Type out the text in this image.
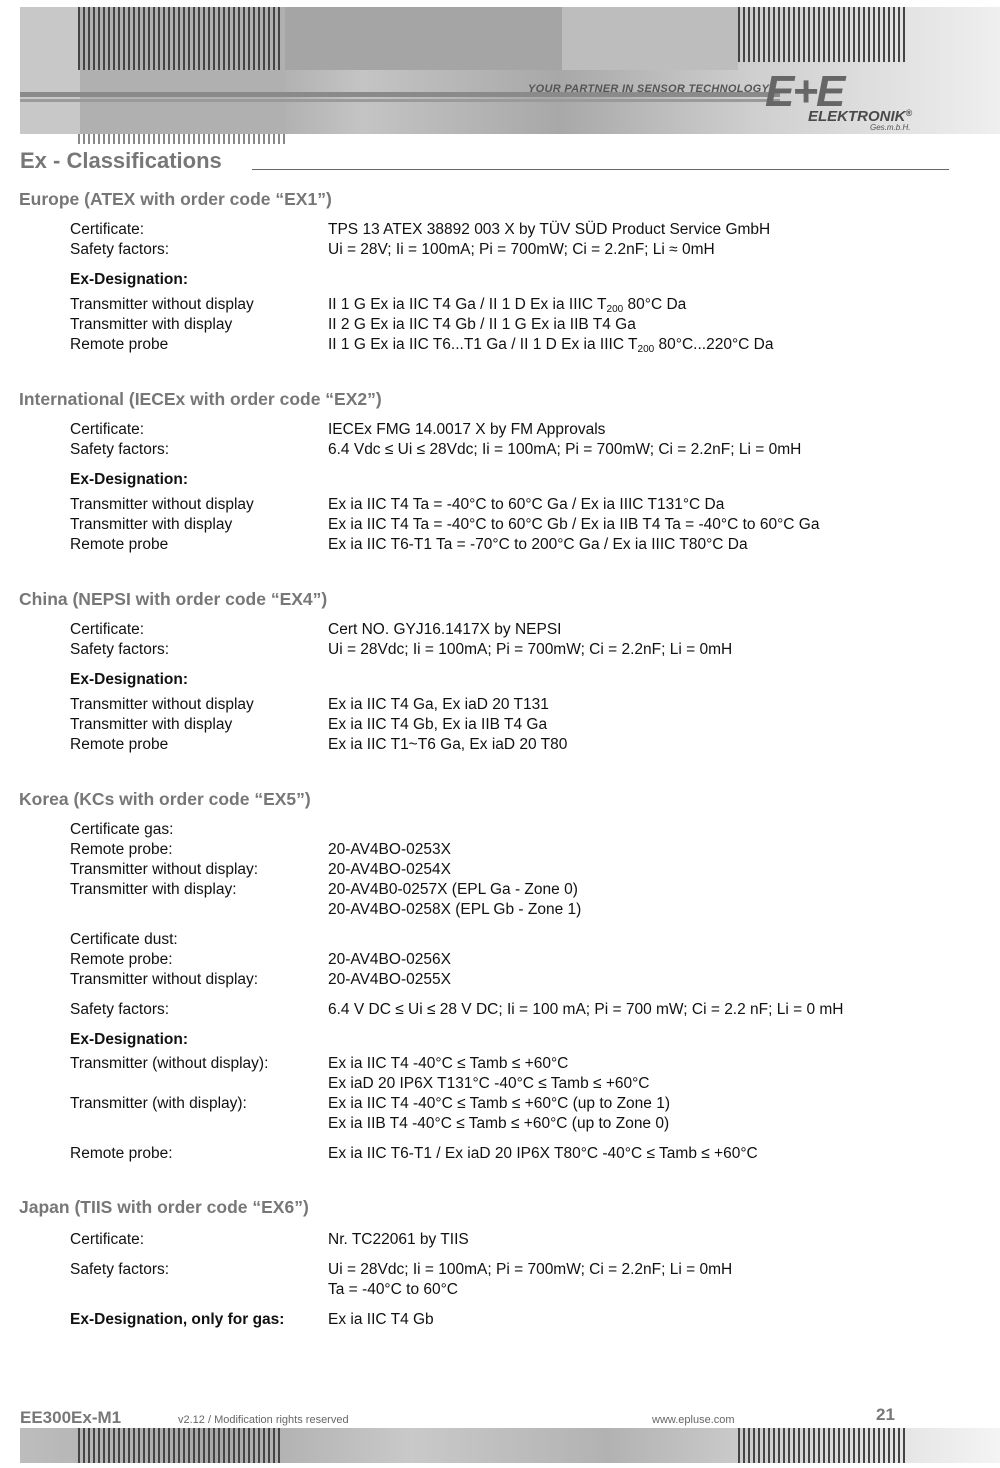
YOUR PARTNER IN SENSOR TECHNOLOGY
E+E
ELEKTRONIK®
Ges.m.b.H.
Ex - Classifications
Europe (ATEX with order code “EX1”)
Certificate:	TPS 13 ATEX 38892 003 X by TÜV SÜD Product Service GmbH
Safety factors:	Ui = 28V; Ii = 100mA; Pi = 700mW; Ci = 2.2nF; Li ≈ 0mH
Ex-Designation:
Transmitter without display	II 1 G Ex ia IIC T4 Ga / II 1 D Ex ia IIIC $T_{200}$ 80°C Da
Transmitter with display	II 2 G Ex ia IIC T4 Gb / II 1 G Ex ia IIB T4 Ga
Remote probe	II 1 G Ex ia IIC T6...T1 Ga / II 1 D Ex ia IIIC $T_{200}$ 80°C...220°C Da
International (IECEx with order code “EX2”)
Certificate:	IECEx FMG 14.0017 X by FM Approvals
Safety factors:	6.4 Vdc ≤ Ui ≤ 28Vdc; Ii = 100mA; Pi = 700mW; Ci = 2.2nF; Li = 0mH
Ex-Designation:
Transmitter without display	Ex ia IIC T4 Ta = -40°C to 60°C Ga / Ex ia IIIC T131°C Da
Transmitter with display	Ex ia IIC T4 Ta = -40°C to 60°C Gb / Ex ia IIB T4 Ta = -40°C to 60°C Ga
Remote probe	Ex ia IIC T6-T1 Ta = -70°C to 200°C Ga / Ex ia IIIC T80°C Da
China (NEPSI with order code “EX4”)
Certificate:	Cert NO. GYJ16.1417X by NEPSI
Safety factors:	Ui = 28Vdc; Ii = 100mA; Pi = 700mW; Ci = 2.2nF; Li = 0mH
Ex-Designation:
Transmitter without display	Ex ia IIC T4 Ga, Ex iaD 20 T131
Transmitter with display	Ex ia IIC T4 Gb, Ex ia IIB T4 Ga
Remote probe	Ex ia IIC T1~T6 Ga, Ex iaD 20 T80
Korea (KCs with order code “EX5”)
Certificate gas:
Remote probe:	20-AV4BO-0253X
Transmitter without display:	20-AV4BO-0254X
Transmitter with display:	20-AV4B0-0257X (EPL Ga - Zone 0)
20-AV4BO-0258X (EPL Gb - Zone 1)
Certificate dust:
Remote probe:	20-AV4BO-0256X
Transmitter without display:	20-AV4BO-0255X
Safety factors:	6.4 V DC ≤ Ui ≤ 28 V DC; Ii = 100 mA; Pi = 700 mW; Ci = 2.2 nF; Li = 0 mH
Ex-Designation:
Transmitter (without display):	Ex ia IIC T4 -40°C ≤ Tamb ≤ +60°C
Ex iaD 20 IP6X T131°C -40°C ≤ Tamb ≤ +60°C
Transmitter (with display):	Ex ia IIC T4 -40°C ≤ Tamb ≤ +60°C (up to Zone 1)
Ex ia IIB T4 -40°C ≤ Tamb ≤ +60°C (up to Zone 0)
Remote probe:	Ex ia IIC T6-T1 / Ex iaD 20 IP6X T80°C -40°C ≤ Tamb ≤ +60°C
Japan (TIIS with order code “EX6”)
Certificate:	Nr. TC22061 by TIIS
Safety factors:	Ui = 28Vdc; Ii = 100mA; Pi = 700mW; Ci = 2.2nF; Li = 0mH
Ta = -40°C to 60°C
Ex-Designation, only for gas:	Ex ia IIC T4 Gb
EE300Ex-M1	v2.12 / Modification rights reserved	www.epluse.com	21
